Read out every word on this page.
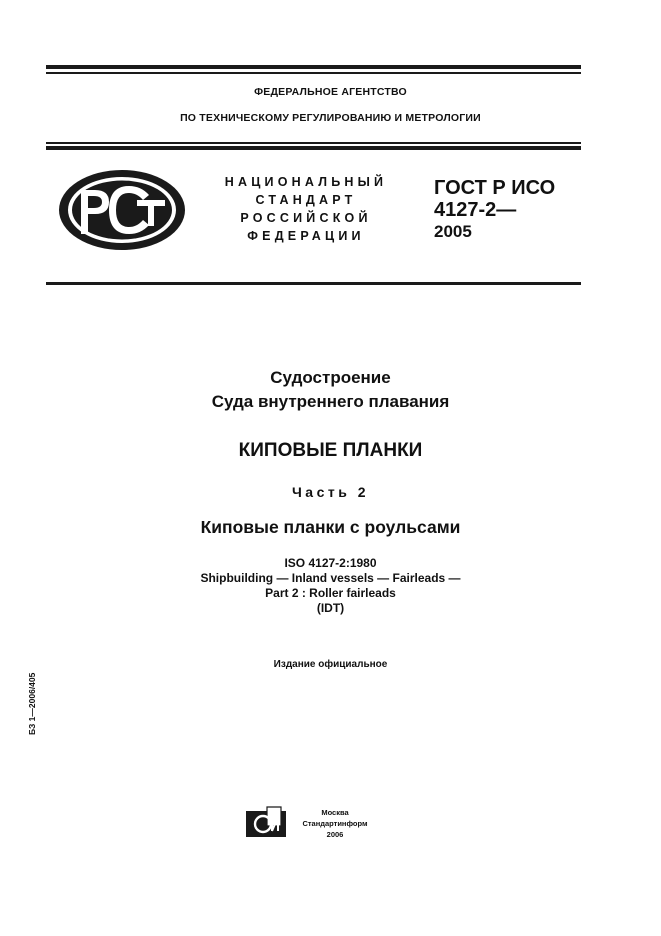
ФЕДЕРАЛЬНОЕ АГЕНТСТВО
ПО ТЕХНИЧЕСКОМУ РЕГУЛИРОВАНИЮ И МЕТРОЛОГИИ
НАЦИОНАЛЬНЫЙ
СТАНДАРТ
РОССИЙСКОЙ
ФЕДЕРАЦИИ
ГОСТ Р ИСО
4127-2—
2005
Судостроение
Суда внутреннего плавания
КИПОВЫЕ ПЛАНКИ
Часть 2
Киповые планки с роульсами
ISO 4127-2:1980
Shipbuilding — Inland vessels — Fairleads —
Part 2 : Roller fairleads
(IDT)
Издание официальное
БЗ 1—2006/405
Москва
Стандартинформ
2006
